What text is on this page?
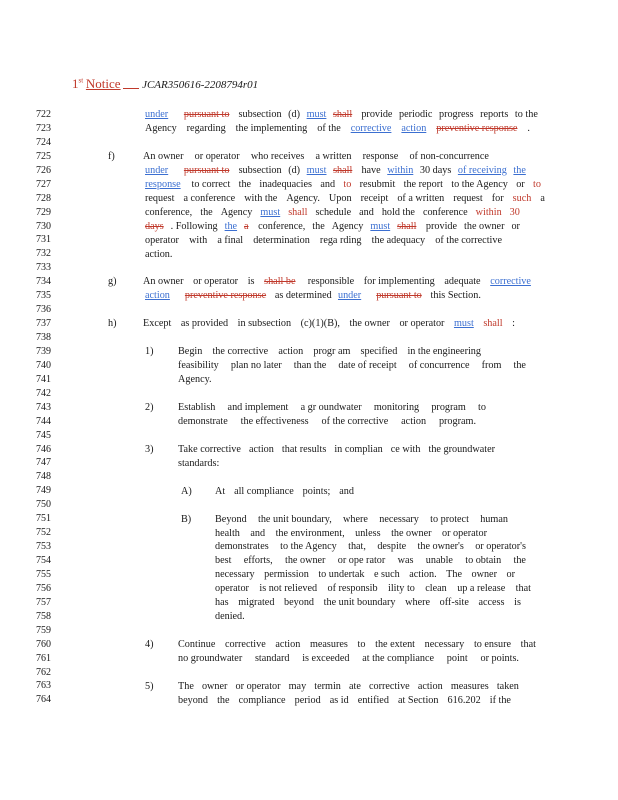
1st Notice JCAR350616-2208794r01
722
723
724
725
726
727
728
729
730
731
732
733
734
735
736
737
738
739
740
741
742
743
744
745
746
747
748
749
750
751
752
753
754
755
756
757
758
759
760
761
762
763
764
f)
g)
h)
1)
2)
3)
A)
B)
4)
5)
under
pursuant to subsection (d) must shall provide periodic progress reports to the
Agency regarding the implementing of the corrective action preventive response .
An owner or operator who receives a written response of non-concurrence
under
pursuant to subsection (d) must shall have within 30 days of receiving the
response to correct the inadequacies and to resubmit the report to the Agency or to
request a conference with the Agency. Upon receipt of a written request for such a
conference, the Agency must shall schedule and hold the conference within 30
days . Following the a conference, the Agency must shall provide the owner or
operator with a final determination rega rding the adequacy of the corrective
action.
An owner or operator is shall be responsible for implementing adequate corrective
action
preventive response as determined under
pursuant to this Section.
Except as provided in subsection (c)(1)(B), the owner or operator must shall :
Begin the corrective action progr am specified in the engineering
feasibility plan no later than the date of receipt of concurrence from the
Agency.
Establish and implement a gr oundwater monitoring program to
demonstrate the effectiveness of the corrective action program.
Take corrective action that results in complian ce with the groundwater
standards:
At all compliance points; and
Beyond the unit boundary, where necessary to protect human
health and the environment, unless the owner or operator
demonstrates to the Agency that, despite the owner's or operator's
best efforts, the owner or ope rator was unable to obtain the
necessary permission to undertak e such action. The owner or
operator is not relieved of responsib ility to clean up a release that
has migrated beyond the unit boundary where off-site access is
denied.
Continue corrective action measures to the extent necessary to ensure that
no groundwater standard is exceeded at the compliance point or points.
The owner or operator may termin ate corrective action measures taken
beyond the compliance period as id entified at Section 616.202 if the
